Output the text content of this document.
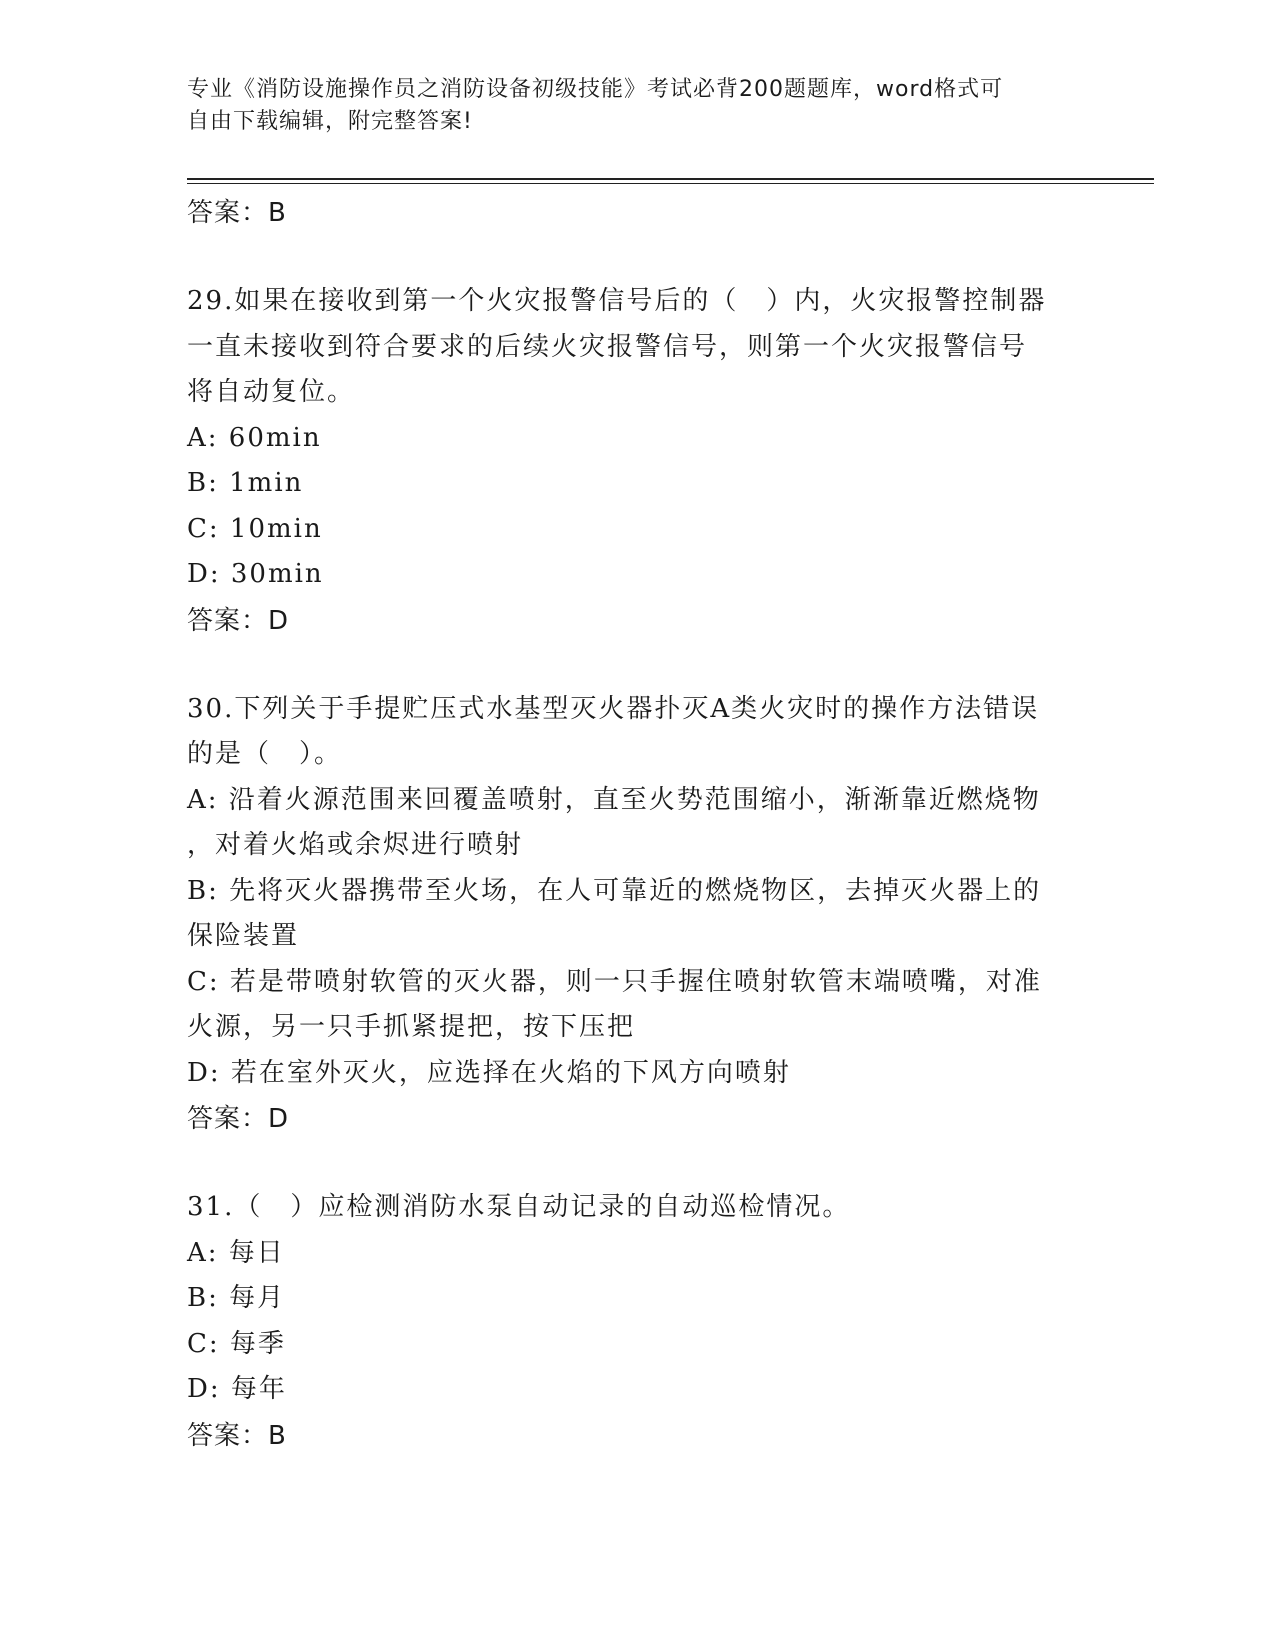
专业《消防设施操作员之消防设备初级技能》考试必背200题题库，word格式可
自由下载编辑，附完整答案!
答案：B
29.如果在接收到第一个火灾报警信号后的（　）内，火灾报警控制器
一直未接收到符合要求的后续火灾报警信号，则第一个火灾报警信号
将自动复位。
A: 60min
B: 1min
C: 10min
D: 30min
答案：D
30.下列关于手提贮压式水基型灭火器扑灭A类火灾时的操作方法错误
的是（　）。
A: 沿着火源范围来回覆盖喷射，直至火势范围缩小，渐渐靠近燃烧物
，对着火焰或余烬进行喷射
B: 先将灭火器携带至火场，在人可靠近的燃烧物区，去掉灭火器上的
保险装置
C: 若是带喷射软管的灭火器，则一只手握住喷射软管末端喷嘴，对准
火源，另一只手抓紧提把，按下压把
D: 若在室外灭火，应选择在火焰的下风方向喷射
答案：D
31.（　）应检测消防水泵自动记录的自动巡检情况。
A: 每日
B: 每月
C: 每季
D: 每年
答案：B
